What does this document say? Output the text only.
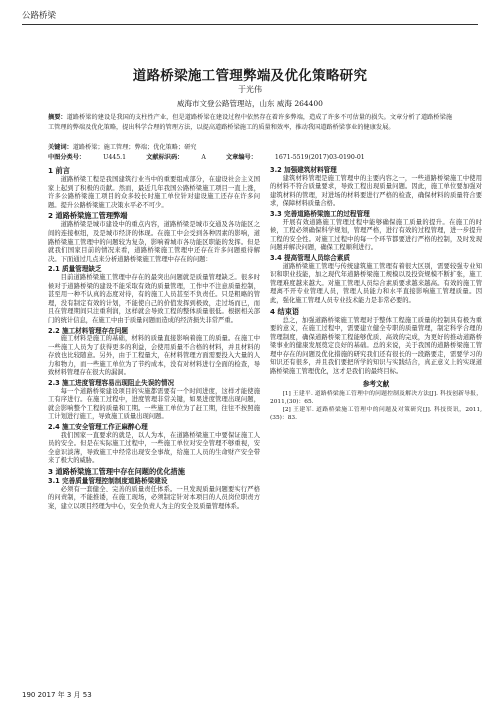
公路桥梁
道路桥梁施工管理弊端及优化策略研究
于光伟
威海市文登公路管理站，山东 威海 264400
摘要：道路桥梁的建设是我国的支柱性产业，但是道路桥梁在建设过程中依然存在着许多弊端，造成了许多不可估量的损失。文章分析了道路桥梁施工管理的弊端及优化策略，提出科学合理的管理方法，以提高道路桥梁施工的质量和效率，推动我国道路桥梁事业的健康发展。
关键词：道路桥梁；施工管理；弊端；优化策略；研究
中图分类号：	U445.1	文献标识码：	A	文章编号：	1671-5519(2017)03-0190-01
1 前言

道路桥梁工程是我国建筑行业当中的重要组成部分，在建设社会主义国家上起到了积极的贡献。然而，最近几年我国公路桥梁施工项目一直上涨，许多公路桥梁施工项目的众多较长时施工单位针对建设施工还存在许多问题。提升公路桥梁施工决策水平必不可少。

2 道路桥梁施工管理弊端

道路桥梁是城市建设中的重点内容，道路桥梁是城市交通及各功能区之间的连接枢纽，及是城市经济的体现。在施工中会受到各种因素的影响，道路桥梁施工管理中的问题较为复杂，影响着城市各功能区职能的发挥。但是就我们国家目前的情况来看，道路桥梁施工管理中还存在许多问题亟待解决。下面通过几点来分析道路桥梁施工管理中存在的问题：

2.1 质量管理缺乏

目前道路桥梁施工管理中存在的最突出问题就是质量管理缺乏。很多时候对于道路桥梁的建设不能采取有效的质量管理，工作中不注意质量控制，甚至用一种不认真的态度对待，有的施工人员甚至不负责任。只是粗略的管理，没有制定有效的计划，不能使自己的价值发挥到极致，走过场而已，而且在管理期间只注重利润，这样就会导致工程的整体质量很低。根据相关部门的统计信息，在施工中由于质量问题而造成的经济损失非常严重。

2.2 施工材料管理存在问题

施工材料是施工的基础，材料的质量直接影响着施工的质量。在施工中一些施工人员为了获得更多的利益，会使用质量不合格的材料，并且材料的存放也比较随意。另外，由于工程量大，在材料管理方面需要投入大量的人力和物力，而一些施工单位为了节约成本，没有对材料进行全面的检查，导致材料管理存在很大的漏洞。

2.3 施工进度管理容易出现阻止失误的情况

每一个道路桥梁建设项目的实施都需要有一个时间进度，这样才能使施工有序进行。在施工过程中，进度管理非常关键，如果进度管理出现问题，就会影响整个工程的质量和工期。一些施工单位为了赶工期，往往不按照施工计划进行施工，导致施工质量出现问题。

2.4 施工安全管理工作正麻醉心理

我们国家一直要求的就是，以人为本，在道路桥梁施工中要保证施工人员的安全。但是在实际施工过程中，一些施工单位对安全管理不够重视，安全意识淡薄，导致施工中经常出现安全事故，给施工人员的生命财产安全带来了极大的威胁。

3 道路桥梁施工管理中存在问题的优化措施
3.1 完善质量管理控制制度道路桥梁建设

必须有一套健全、完善的质量责任体系。一旦发现质量问题要实行严格的问责制，不能推诿，在施工现场，必须制定针对本项目的人员岗位职责方案，建立以项目经理为中心，安全负责人为主的安全及质量管理体系。

3.2 加强建筑材料管理

建筑材料管理是施工管理中的主要内容之一，一些道路桥梁施工中使用的材料不符合质量要求，导致工程出现质量问题。因此，施工单位要加强对建筑材料的管理，对进场的材料要进行严格的检查，确保材料的质量符合要求，保障材料质量合格。

3.3 完善道路桥梁施工的过程管理

开展有效道路施工管理过程中能够确保施工质量的提升。在施工的时候，工程必须确保科学规划，管理严格，进行有效的过程管理，进一步提升工程的安全性。对施工过程中的每一个环节都要进行严格的控制，及时发现问题并解决问题，确保工程顺利进行。

3.4 提高管理人员综合素质

道路桥梁施工管理与传统建筑施工管理有着很大区别，需要较强专业知识和职业技能，加之现代年道路桥梁施工规模以及投资规模不断扩张，施工管理难度越来越大。对施工管理人员综合素质要求越来越高。有效的施工管理离不开专业管理人员，管理人员能力和水平直接影响施工管理质量。因此，强化施工管理人员专业技术能力是非常必要的。

4 结束语

总之，加强道路桥梁施工管理对于整体工程施工质量的控制具有极为重要的意义，在施工过程中，需要建立健全专职的质量管理，制定科学合理的管理制度，确保道路桥梁工程能够优质、高效的完成，为更好的推动道路桥梁事业的健康发展奠定良好的基础。总的来说，关于我国的道路桥梁施工管理中存在的问题及优化措施的研究我们还有很长的一段路要走，需要学习的知识还有很多，并且我们要把所学的知识与实践结合，真正意义上的实现道路桥梁施工管理优化，这才是我们的最终目标。

参考文献

[1] 王建平. 道路桥梁施工管理中的问题控制及解决方法[J]. 科技创新导报，2011,(30)：65.

[2] 王建军. 道路桥梁施工管理中的问题及对策研究[J]. 科技资讯，2011,(35)：83.

190 2017 年 3 月 53
